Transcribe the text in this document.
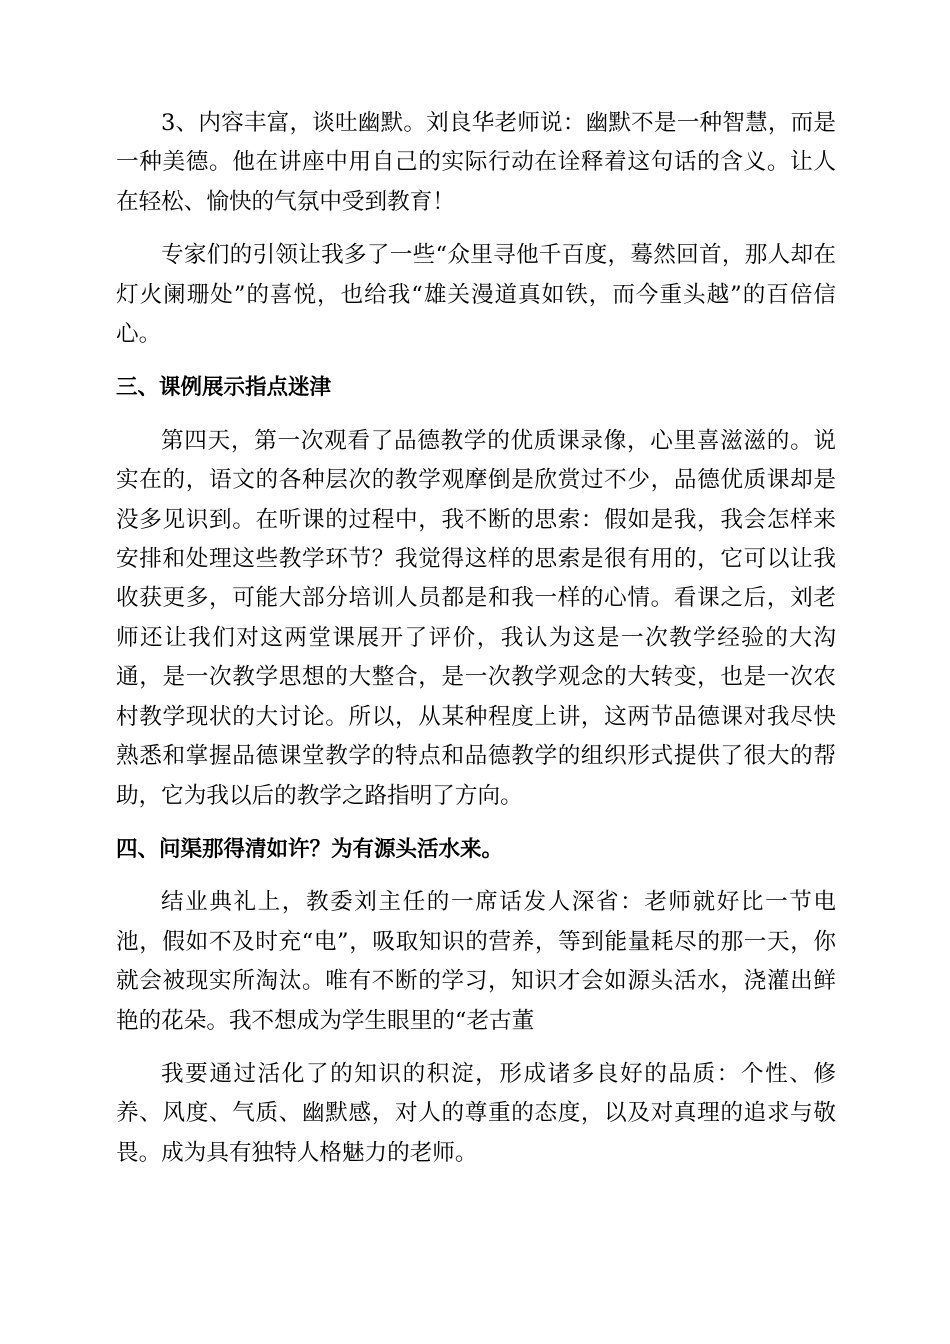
3、内容丰富，谈吐幽默。刘良华老师说：幽默不是一种智慧，而是一种美德。他在讲座中用自己的实际行动在诠释着这句话的含义。让人在轻松、愉快的气氛中受到教育！

专家们的引领让我多了一些“众里寻他千百度，蓦然回首，那人却在灯火阑珊处”的喜悦，也给我“雄关漫道真如铁，而今重头越”的百倍信心。

三、课例展示指点迷津

第四天，第一次观看了品德教学的优质课录像，心里喜滋滋的。说实在的，语文的各种层次的教学观摩倒是欣赏过不少，品德优质课却是没多见识到。在听课的过程中，我不断的思索：假如是我，我会怎样来安排和处理这些教学环节？我觉得这样的思索是很有用的，它可以让我收获更多，可能大部分培训人员都是和我一样的心情。看课之后，刘老师还让我们对这两堂课展开了评价，我认为这是一次教学经验的大沟通，是一次教学思想的大整合，是一次教学观念的大转变，也是一次农村教学现状的大讨论。所以，从某种程度上讲，这两节品德课对我尽快熟悉和掌握品德课堂教学的特点和品德教学的组织形式提供了很大的帮助，它为我以后的教学之路指明了方向。

四、问渠那得清如许？为有源头活水来。

结业典礼上，教委刘主任的一席话发人深省：老师就好比一节电池，假如不及时充“电”，吸取知识的营养，等到能量耗尽的那一天，你就会被现实所淘汰。唯有不断的学习，知识才会如源头活水，浇灌出鲜艳的花朵。我不想成为学生眼里的“老古董

我要通过活化了的知识的积淀，形成诸多良好的品质：个性、修养、风度、气质、幽默感，对人的尊重的态度，以及对真理的追求与敬畏。成为具有独特人格魅力的老师。
